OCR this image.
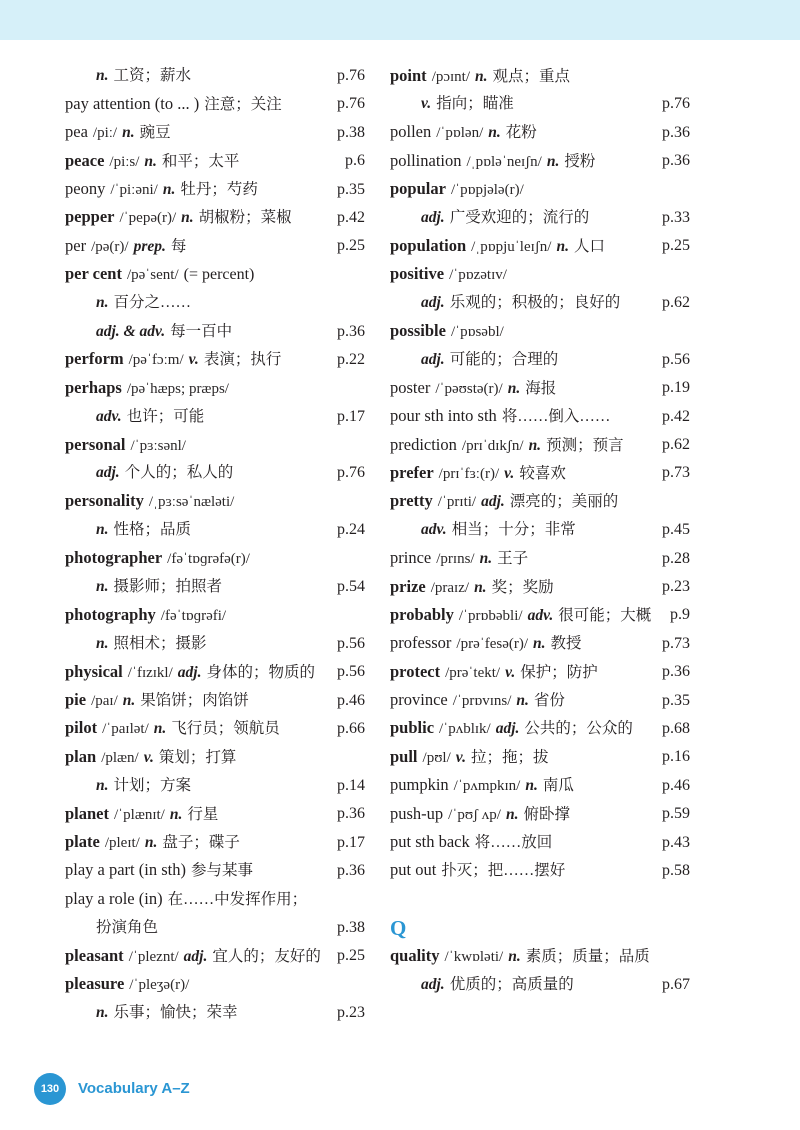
n. 工资；薪水	p.76
pay attention (to ... ) 注意；关注	p.76
pea /piː/ n. 豌豆	p.38
peace /piːs/ n. 和平；太平	p.6
peony /ˈpiːəni/ n. 牡丹；芍药	p.35
pepper /ˈpepə(r)/ n. 胡椒粉；菜椒	p.42
per /pə(r)/ prep. 每	p.25
per cent /pəˈsent/ (= percent)
n. 百分之……
adj. & adv. 每一百中	p.36
perform /pəˈfɔːm/ v. 表演；执行	p.22
perhaps /pəˈhæps; præps/
adv. 也许；可能	p.17
personal /ˈpɜːsənl/
adj. 个人的；私人的	p.76
personality /ˌpɜːsəˈnæləti/
n. 性格；品质	p.24
photographer /fəˈtɒɡrəfə(r)/
n. 摄影师；拍照者	p.54
photography /fəˈtɒɡrəfi/
n. 照相术；摄影	p.56
physical /ˈfɪzɪkl/ adj. 身体的；物质的	p.56
pie /paɪ/ n. 果馅饼；肉馅饼	p.46
pilot /ˈpaɪlət/ n. 飞行员；领航员	p.66
plan /plæn/ v. 策划；打算
n. 计划；方案	p.14
planet /ˈplænɪt/ n. 行星	p.36
plate /pleɪt/ n. 盘子；碟子	p.17
play a part (in sth) 参与某事	p.36
play a role (in) 在……中发挥作用；
扮演角色	p.38
pleasant /ˈpleznt/ adj. 宜人的；友好的	p.25
pleasure /ˈpleʒə(r)/
n. 乐事；愉快；荣幸	p.23
point /pɔɪnt/ n. 观点；重点
v. 指向；瞄准	p.76
pollen /ˈpɒlən/ n. 花粉	p.36
pollination /ˌpɒləˈneɪʃn/ n. 授粉	p.36
popular /ˈpɒpjələ(r)/
adj. 广受欢迎的；流行的	p.33
population /ˌpɒpjuˈleɪʃn/ n. 人口	p.25
positive /ˈpɒzətɪv/
adj. 乐观的；积极的；良好的	p.62
possible /ˈpɒsəbl/
adj. 可能的；合理的	p.56
poster /ˈpəʊstə(r)/ n. 海报	p.19
pour sth into sth 将……倒入……	p.42
prediction /prɪˈdɪkʃn/ n. 预测；预言	p.62
prefer /prɪˈfɜː(r)/ v. 较喜欢	p.73
pretty /ˈprɪti/ adj. 漂亮的；美丽的
adv. 相当；十分；非常	p.45
prince /prɪns/ n. 王子	p.28
prize /praɪz/ n. 奖；奖励	p.23
probably /ˈprɒbəbli/ adv. 很可能；大概	p.9
professor /prəˈfesə(r)/ n. 教授	p.73
protect /prəˈtekt/ v. 保护；防护	p.36
province /ˈprɒvɪns/ n. 省份	p.35
public /ˈpʌblɪk/ adj. 公共的；公众的	p.68
pull /pʊl/ v. 拉；拖；拔	p.16
pumpkin /ˈpʌmpkɪn/ n. 南瓜	p.46
push-up /ˈpʊʃ ʌp/ n. 俯卧撑	p.59
put sth back 将……放回	p.43
put out 扑灭；把……摆好	p.58
Q
quality /ˈkwɒləti/ n. 素质；质量；品质
adj. 优质的；高质量的	p.67
130	Vocabulary A–Z
